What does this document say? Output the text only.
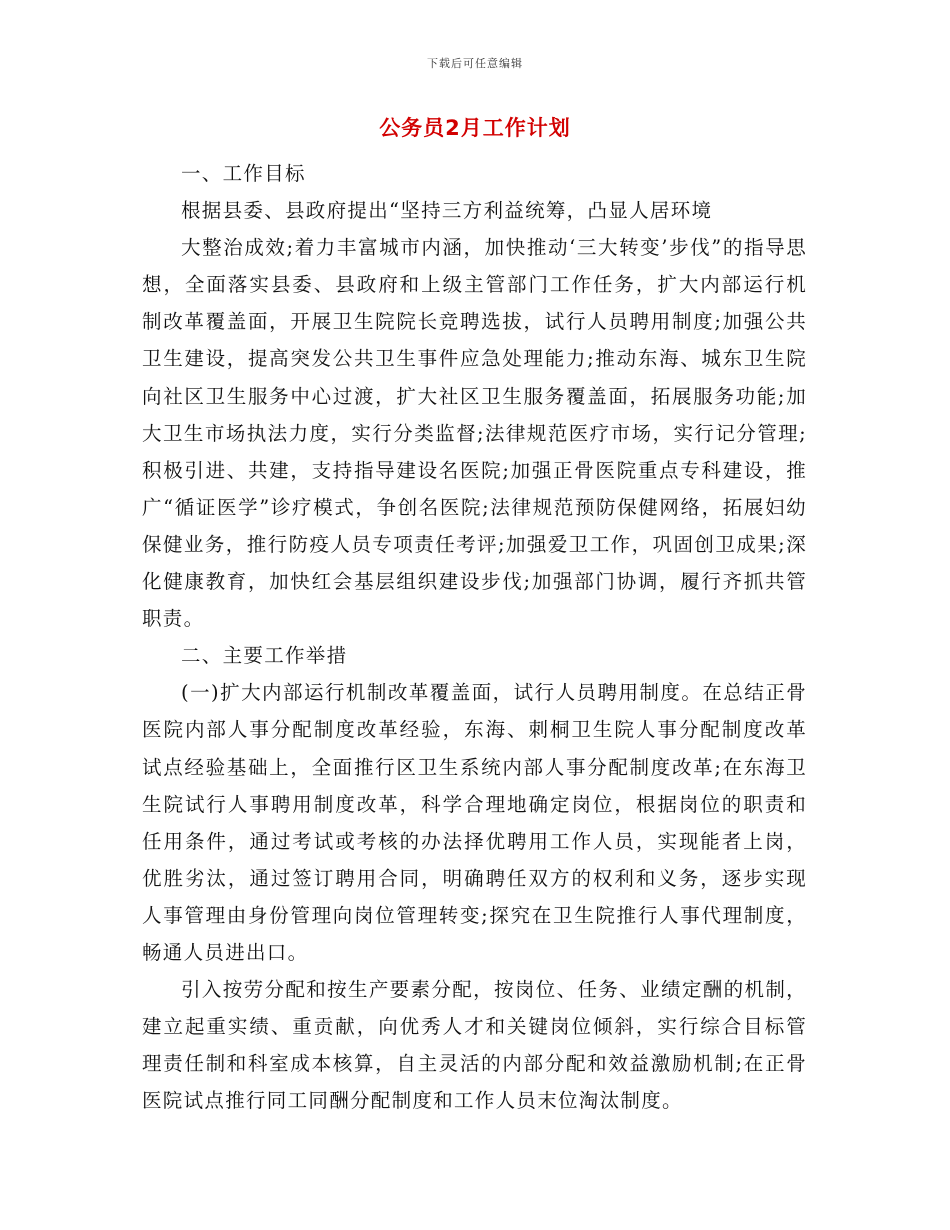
下载后可任意编辑
公务员2月工作计划

一、工作目标

根据县委、县政府提出“坚持三方利益统筹，凸显人居环境

大整治成效;着力丰富城市内涵，加快推动‘三大转变’步伐”的指导思想，全面落实县委、县政府和上级主管部门工作任务，扩大内部运行机制改革覆盖面，开展卫生院院长竞聘选拔，试行人员聘用制度;加强公共卫生建设，提高突发公共卫生事件应急处理能力;推动东海、城东卫生院向社区卫生服务中心过渡，扩大社区卫生服务覆盖面，拓展服务功能;加大卫生市场执法力度，实行分类监督;法律规范医疗市场，实行记分管理;积极引进、共建，支持指导建设名医院;加强正骨医院重点专科建设，推广“循证医学”诊疗模式，争创名医院;法律规范预防保健网络，拓展妇幼保健业务，推行防疫人员专项责任考评;加强爱卫工作，巩固创卫成果;深化健康教育，加快红会基层组织建设步伐;加强部门协调，履行齐抓共管职责。

二、主要工作举措

(一)扩大内部运行机制改革覆盖面，试行人员聘用制度。在总结正骨医院内部人事分配制度改革经验，东海、刺桐卫生院人事分配制度改革试点经验基础上，全面推行区卫生系统内部人事分配制度改革;在东海卫生院试行人事聘用制度改革，科学合理地确定岗位，根据岗位的职责和任用条件，通过考试或考核的办法择优聘用工作人员，实现能者上岗，优胜劣汰，通过签订聘用合同，明确聘任双方的权利和义务，逐步实现人事管理由身份管理向岗位管理转变;探究在卫生院推行人事代理制度，畅通人员进出口。

引入按劳分配和按生产要素分配，按岗位、任务、业绩定酬的机制，建立起重实绩、重贡献，向优秀人才和关键岗位倾斜，实行综合目标管理责任制和科室成本核算，自主灵活的内部分配和效益激励机制;在正骨医院试点推行同工同酬分配制度和工作人员末位淘汰制度。
